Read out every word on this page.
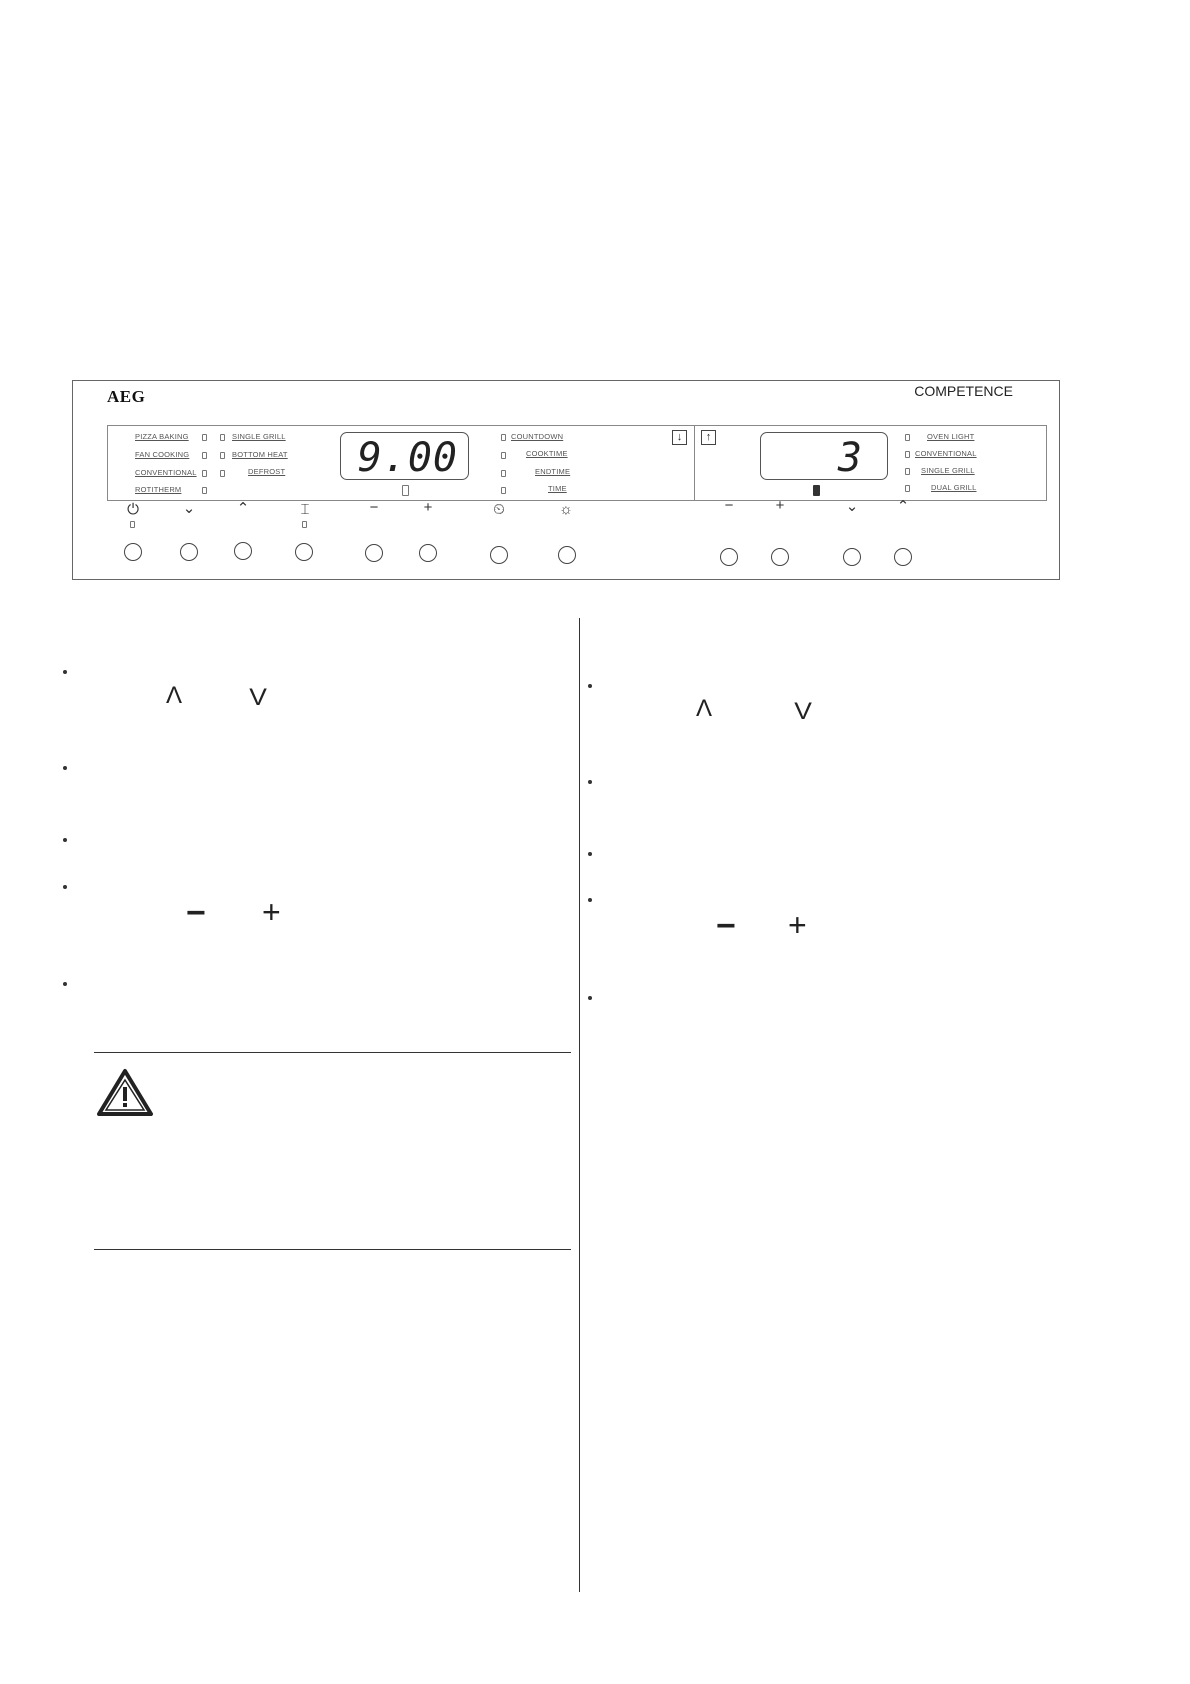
AEG	COMPETENCE
PIZZA BAKING
FAN COOKING
CONVENTIONAL
ROTITHERM
SINGLE GRILL
BOTTOM HEAT
DEFROST 9.00	COUNTDOWN
COOKTIME
ENDTIME
TIME
↓	↑	3	OVEN LIGHT
CONVENTIONAL
SINGLE GRILL
DUAL GRILL
⏻	⌄	⌃	⌶	−	+	⏲	☼	−	+	⌄	⌃
Λ	V
− +
Λ	V
− +
